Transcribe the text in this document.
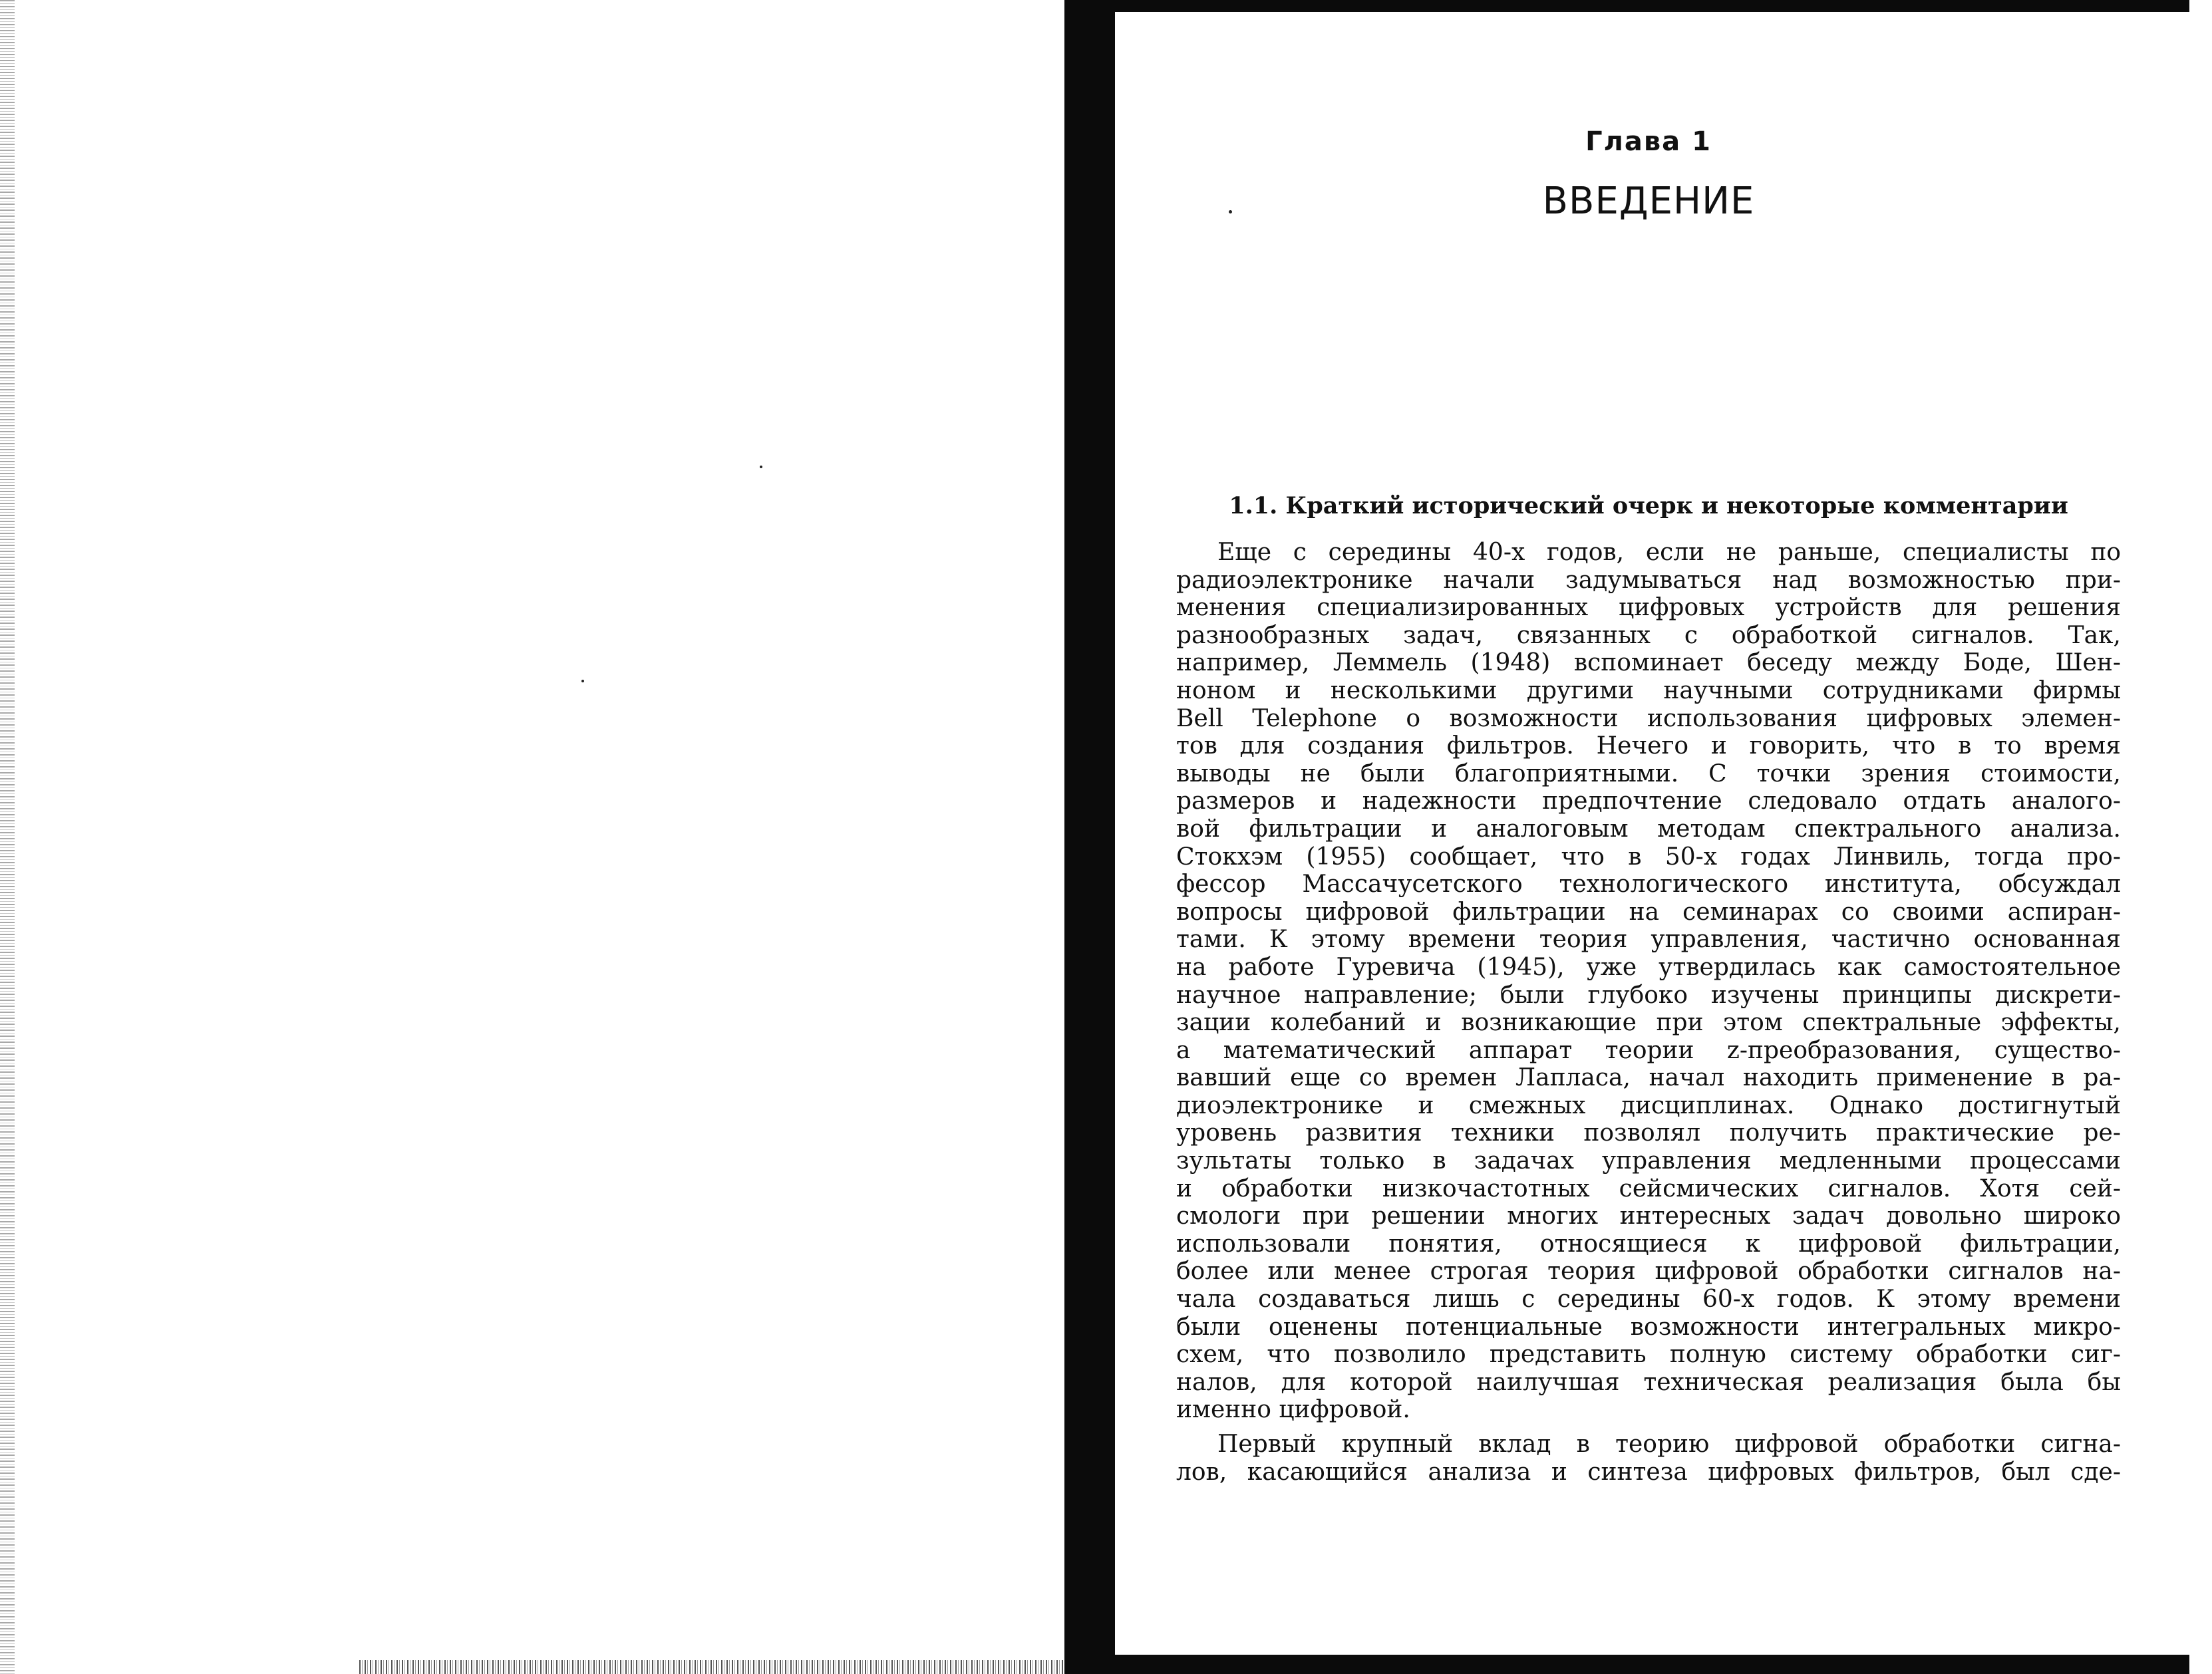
Глава 1
ВВЕДЕНИЕ
1.1. Краткий исторический очерк и некоторые комментарии
Еще с середины 40-х годов, если не раньше, специалисты по
радиоэлектронике начали задумываться над возможностью при-
менения специализированных цифровых устройств для решения
разнообразных задач, связанных с обработкой сигналов. Так,
например, Леммель (1948) вспоминает беседу между Боде, Шен-
ноном и несколькими другими научными сотрудниками фирмы
Bell Telephone о возможности использования цифровых элемен-
тов для создания фильтров. Нечего и говорить, что в то время
выводы не были благоприятными. С точки зрения стоимости,
размеров и надежности предпочтение следовало отдать аналого-
вой фильтрации и аналоговым методам спектрального анализа.
Стокхэм (1955) сообщает, что в 50-х годах Линвиль, тогда про-
фессор Массачусетского технологического института, обсуждал
вопросы цифровой фильтрации на семинарах со своими аспиран-
тами. К этому времени теория управления, частично основанная
на работе Гуревича (1945), уже утвердилась как самостоятельное
научное направление; были глубоко изучены принципы дискрети-
зации колебаний и возникающие при этом спектральные эффекты,
а математический аппарат теории z-преобразования, существо-
вавший еще со времен Лапласа, начал находить применение в ра-
диоэлектронике и смежных дисциплинах. Однако достигнутый
уровень развития техники позволял получить практические ре-
зультаты только в задачах управления медленными процессами
и обработки низкочастотных сейсмических сигналов. Хотя сей-
смологи при решении многих интересных задач довольно широко
использовали понятия, относящиеся к цифровой фильтрации,
более или менее строгая теория цифровой обработки сигналов на-
чала создаваться лишь с середины 60-х годов. К этому времени
были оценены потенциальные возможности интегральных микро-
схем, что позволило представить полную систему обработки сиг-
налов, для которой наилучшая техническая реализация была бы
именно цифровой.
Первый крупный вклад в теорию цифровой обработки сигна-
лов, касающийся анализа и синтеза цифровых фильтров, был сде-
